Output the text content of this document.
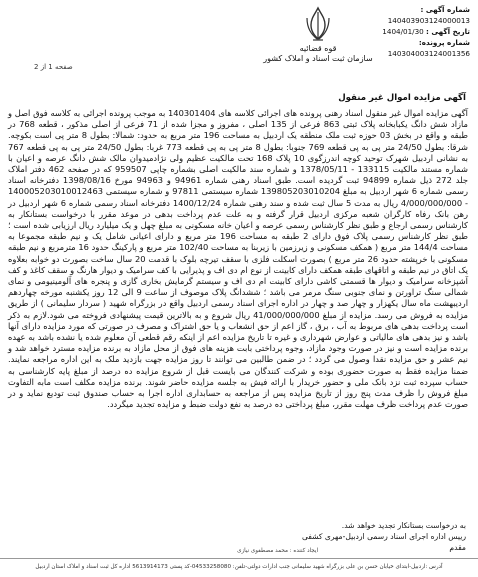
قوه قضائیه
سازمان ثبت اسناد و املاک کشور
شماره آگهی : 140403903124000013
تاریخ آگهی : 1404/01/30
شماره پرونده: 140304003124001356
صفحه 1 از 2
آگهی مزایده اموال غیر منقول

آگهی مزایده اموال غیر منقول اسناد رهنی پرونده های اجرائی کلاسه های 140301404 به موجب پرونده اجرائی به کلاسه فوق اصل و مازاد شش دانگ یکبابخانه پلاک ثبتی 863 فرعی از 135 اصلی ، مفروز و مجزا شده از 71 فرعی از اصلی مذکور ، قطعه 768 در طبقه و واقع در بخش 03 حوزه ثبت ملک منطقه یک اردبیل به مساحت 196 متر مربع به حدود: شمالا: بطول 8 متر پی است بکوچه. شرقا: بطول 24/50 متر پی به پی قطعه 769 جنوبا: بطول 8 متر پی به پی قطعه 773 غربا: بطول 24/50 متر پی به پی قطعه 767 به نشانی اردبیل شهرک توحید کوچه اندرزگوی 10 پلاک 168 تحت مالکیت عظیم ولی نژادمیدوان مالک شش دانگ عرصه و اعیان با شماره مستند مالکیت 133115 - 1378/05/11 و شماره سند مالکیت اصلی بشماره چاپی 959507 که در صفحه 462 دفتر املاک جلد 272 ذیل شماره 94899 ثبت گردیده است. طبق اسناد رهنی شماره 94961 و 94963 مورخ 1398/08/16 دفترخانه اسناد رسمی شماره 6 شهر اردبیل به مبلغ 139805203010204 شماره سیستمی 97811 و شماره سیستمی 140005203010012463 - 4/000/000/000 ریال به مدت 5 سال ثبت شده و سند رهنی شماره 1400/12/24 دفترخانه اسناد رسمی شماره 6 شهر اردبیل در رهن بانک رفاه کارگران شعبه مرکزی اردبیل قرار گرفته و به علت عدم پرداخت بدهی در موعد مقرر با درخواست بستانکار به کارشناس رسمی ارجاع و طبق نظر کارشناس رسمی عرصه و اعیان خانه مسکونی به مبلغ چهل و یک میلیارد ریال ارزیابی شده است ؛ طبق نظر کارشناس رسمی پلاک فوق دارای 2 طبقه به مساحت 196 متر مربع و دارای اعیانی شامل یک و نیم طبقه مجموعا به مساحت 144/4 متر مربع ( همکف مسکونی و زیرزمین با زیربنا به مساحت 102/40 متر مربع و پارکینگ حدود 16 مترمربع و نیم طبقه مسکونی با خرپشته حدود 26 متر مربع ) بصورت اسکلت فلزی با سقف تیرچه بلوک با قدمت 20 سال ساخت بصورت دو خوابه بعلاوه یک اتاق در نیم طبقه و اتاقهای طبقه همکف دارای کابینت از نوع ام دی اف و پذیرایی با کف سرامیک و دیوار هارنگ و سقف کاغذ و کف آشپزخانه سرامیک و دیوار ها قسمتی کاشی دارای کابینت ام دی اف و سیستم گرمایش بخاری گازی و پنجره های آلومینیومی و نمای شمالی سنگ تراورتن و نمای جنوبی سنگ مرمر می باشد ؛ ششدانگ پلاک موصوف از ساعت 9 الی 12 روز یکشنبه مورخه چهاردهم اردیبهشت ماه سال یکهزار و چهار صد و چهار در اداره اجرای اسناد رسمی اردبیل واقع در بزرگراه شهید ( سردار سلیمانی ) از طریق مزایده به فروش می رسد. مزایده از مبلغ 41/000/000/000 ریال شروع و به بالاترین قیمت پیشنهادی فروخته می شود.لازم به ذکر است پرداخت بدهی های مربوط به آب ، برق ، گاز اعم از حق انشعاب و یا حق اشتراک و مصرف در صورتی که مورد مزایده دارای آنها باشد و نیز بدهی های مالیاتی و عوارض شهرداری و غیره تا تاریخ مزایده اعم از اینکه رقم قطعی آن معلوم شده یا نشده باشد به عهده برنده مزایده است و نیز در صورت وجود مازاد، وجوه پرداختی بابت هزینه های فوق از محل مازاد به برنده مزایده مسترد خواهد شد و نیم عشر و حق مزایده نقدا وصول می گردد ؛ در ضمن طالبین می توانند تا روز مزایده جهت بازدید ملک به این اداره مراجعه نمایند. ضمنا مزایده فقط به صورت حضوری بوده و شرکت کنندگان می بایست قبل از شروع مزایده ده درصد از مبلغ پایه کارشناسی به حساب سپرده ثبت نزد بانک ملی و حضور خریدار با ارائه فیش به جلسه مزایده حاضر شوند. برنده مزایده مکلف است مابه التفاوت مبلغ فروش را ظرف مدت پنج روز از تاریخ مزایده پس از مراجعه به حسابداری اداره اجرا به حساب صندوق ثبت تودیع نماید و در صورت عدم پرداخت ظرف مهلت مقرر، مبلغ پرداختی ده درصد به نفع دولت ضبط و مزایده تجدید میگردد.

به درخواست بستانکار تجدید خواهد شد.
رییس اداره اجرای اسناد رسمی اردبیل-مهری کشفی
مقدم
ایجاد کننده : محمد مصطفوی نیازی
آدرس :اردبیل-ابتدای خیابان حسن بن علی بزرگراه شهید سلیمانی جنب ادارات دولتی-تلفن: 04533258080-کد پستی 5613914173 اداره کل ثبت اسناد و املاک استان اردبیل
